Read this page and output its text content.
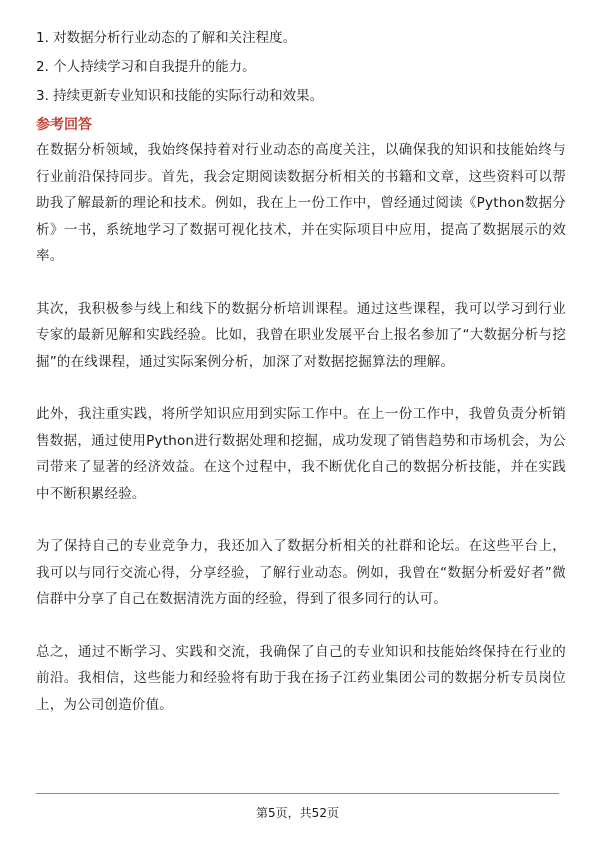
1. 对数据分析行业动态的了解和关注程度。

2. 个人持续学习和自我提升的能力。

3. 持续更新专业知识和技能的实际行动和效果。

参考回答

在数据分析领域，我始终保持着对行业动态的高度关注，以确保我的知识和技能始终与行业前沿保持同步。首先，我会定期阅读数据分析相关的书籍和文章，这些资料可以帮助我了解最新的理论和技术。例如，我在上一份工作中，曾经通过阅读《Python数据分析》一书，系统地学习了数据可视化技术，并在实际项目中应用，提高了数据展示的效率。

其次，我积极参与线上和线下的数据分析培训课程。通过这些课程，我可以学习到行业专家的最新见解和实践经验。比如，我曾在职业发展平台上报名参加了“大数据分析与挖掘”的在线课程，通过实际案例分析，加深了对数据挖掘算法的理解。

此外，我注重实践，将所学知识应用到实际工作中。在上一份工作中，我曾负责分析销售数据，通过使用Python进行数据处理和挖掘，成功发现了销售趋势和市场机会，为公司带来了显著的经济效益。在这个过程中，我不断优化自己的数据分析技能，并在实践中不断积累经验。

为了保持自己的专业竞争力，我还加入了数据分析相关的社群和论坛。在这些平台上，我可以与同行交流心得，分享经验，了解行业动态。例如，我曾在“数据分析爱好者”微信群中分享了自己在数据清洗方面的经验，得到了很多同行的认可。

总之，通过不断学习、实践和交流，我确保了自己的专业知识和技能始终保持在行业的前沿。我相信，这些能力和经验将有助于我在扬子江药业集团公司的数据分析专员岗位上，为公司创造价值。

第5页，共52页
